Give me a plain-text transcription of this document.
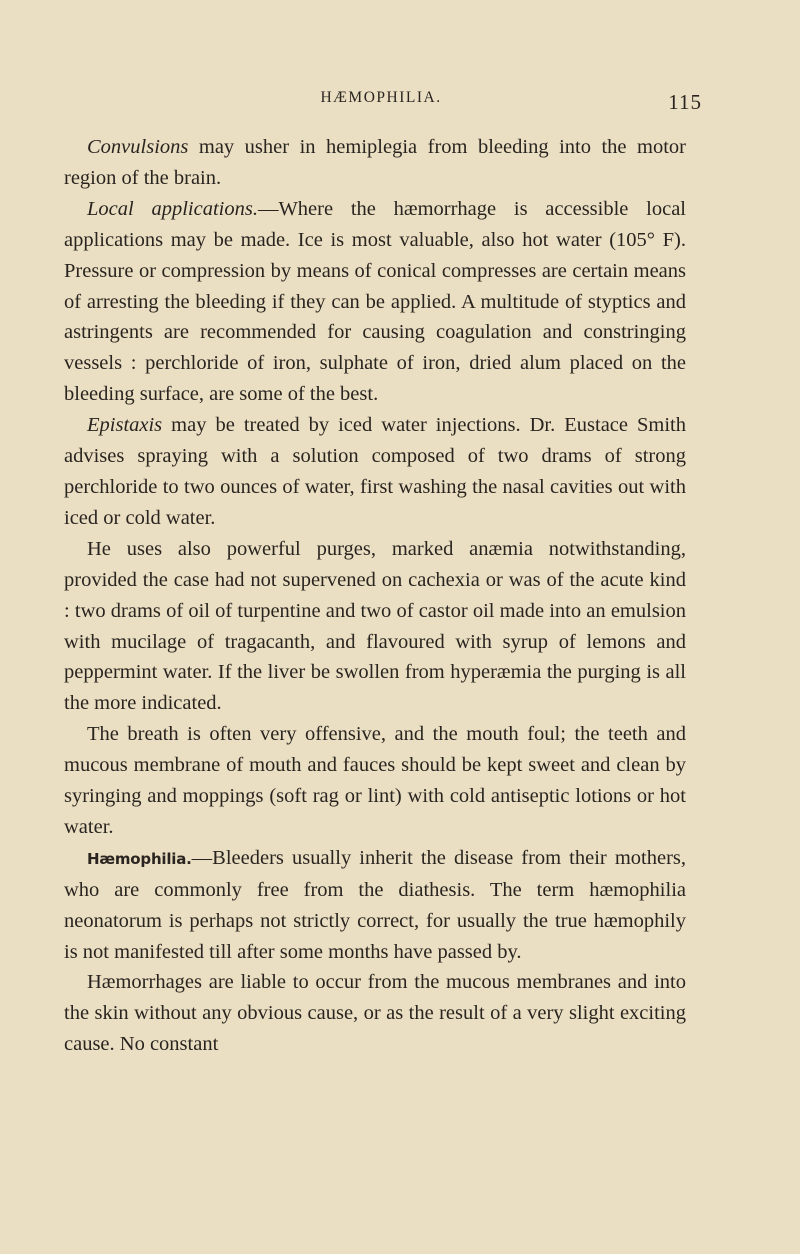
HÆMOPHILIA.	115

Convulsions may usher in hemiplegia from bleeding into the motor region of the brain.

Local applications.—Where the hæmorrhage is accessible local applications may be made. Ice is most valuable, also hot water (105° F). Pressure or compression by means of conical compresses are certain means of arresting the bleeding if they can be applied. A multitude of styptics and astringents are recommended for causing coagulation and constringing vessels : perchloride of iron, sulphate of iron, dried alum placed on the bleeding surface, are some of the best.

Epistaxis may be treated by iced water injections. Dr. Eustace Smith advises spraying with a solution composed of two drams of strong perchloride to two ounces of water, first washing the nasal cavities out with iced or cold water.

He uses also powerful purges, marked anæmia notwithstanding, provided the case had not supervened on cachexia or was of the acute kind : two drams of oil of turpentine and two of castor oil made into an emulsion with mucilage of tragacanth, and flavoured with syrup of lemons and peppermint water. If the liver be swollen from hyperæmia the purging is all the more indicated.

The breath is often very offensive, and the mouth foul; the teeth and mucous membrane of mouth and fauces should be kept sweet and clean by syringing and moppings (soft rag or lint) with cold antiseptic lotions or hot water.

Hæmophilia.—Bleeders usually inherit the disease from their mothers, who are commonly free from the diathesis. The term hæmophilia neonatorum is perhaps not strictly correct, for usually the true hæmophily is not manifested till after some months have passed by.

Hæmorrhages are liable to occur from the mucous membranes and into the skin without any obvious cause, or as the result of a very slight exciting cause. No constant
